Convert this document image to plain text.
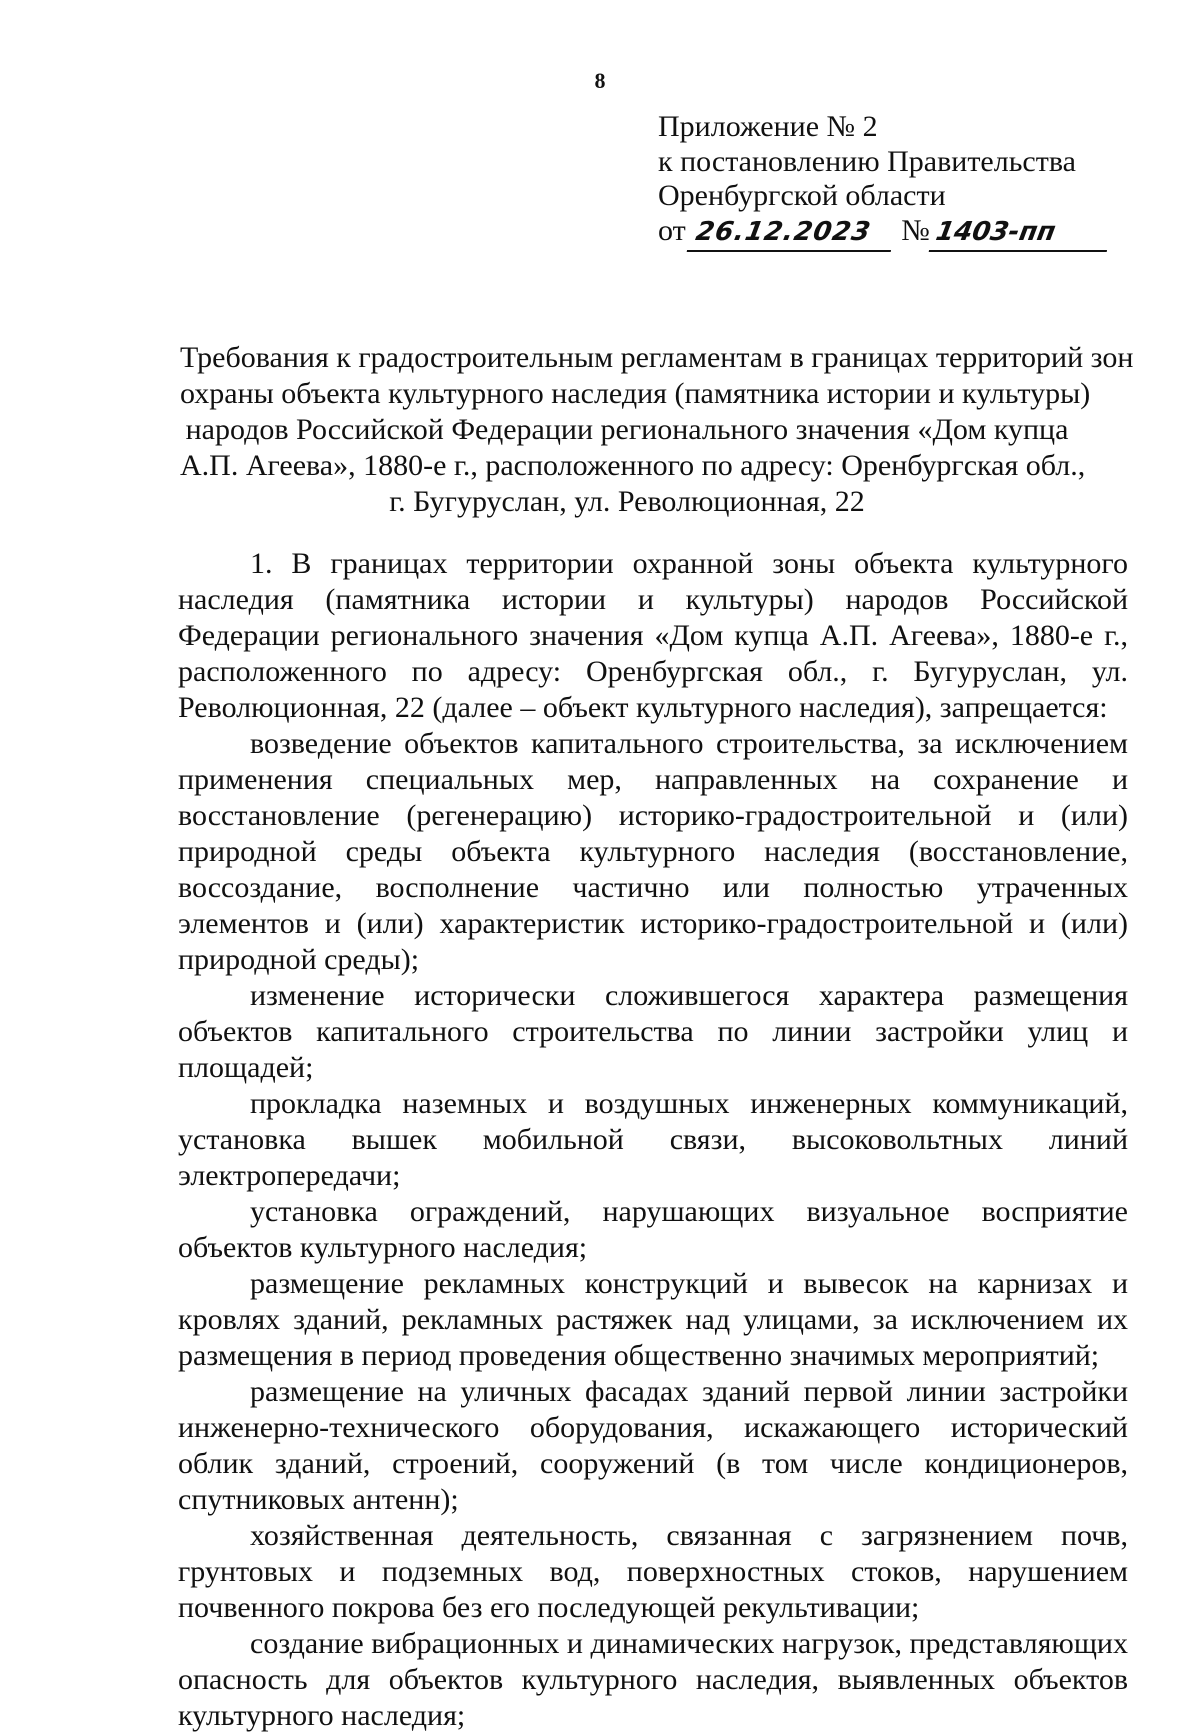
8

Приложение № 2
к постановлению Правительства
Оренбургской области
от 26.12.2023 № 1403-пп
Требования к градостроительным регламентам в границах территорий зон
охраны объекта культурного наследия (памятника истории и культуры)
народов Российской Федерации регионального значения «Дом купца
А.П. Агеева», 1880-е г., расположенного по адресу: Оренбургская обл.,
г. Бугуруслан, ул. Революционная, 22

1. В границах территории охранной зоны объекта культурного наследия (памятника истории и культуры) народов Российской Федерации регионального значения «Дом купца А.П. Агеева», 1880-е г., расположенного по адресу: Оренбургская обл., г. Бугуруслан, ул. Революционная, 22 (далее – объект культурного наследия), запрещается:

возведение объектов капитального строительства, за исключением применения специальных мер, направленных на сохранение и восстановление (регенерацию) историко-градостроительной и (или) природной среды объекта культурного наследия (восстановление, воссоздание, восполнение частично или полностью утраченных элементов и (или) характеристик историко-градостроительной и (или) природной среды);

изменение исторически сложившегося характера размещения объектов капитального строительства по линии застройки улиц и площадей;

прокладка наземных и воздушных инженерных коммуникаций, установка вышек мобильной связи, высоковольтных линий электропередачи;

установка ограждений, нарушающих визуальное восприятие объектов культурного наследия;

размещение рекламных конструкций и вывесок на карнизах и кровлях зданий, рекламных растяжек над улицами, за исключением их размещения в период проведения общественно значимых мероприятий;

размещение на уличных фасадах зданий первой линии застройки инженерно-технического оборудования, искажающего исторический облик зданий, строений, сооружений (в том числе кондиционеров, спутниковых антенн);

хозяйственная деятельность, связанная с загрязнением почв, грунтовых и подземных вод, поверхностных стоков, нарушением почвенного покрова без его последующей рекультивации;

создание вибрационных и динамических нагрузок, представляющих опасность для объектов культурного наследия, выявленных объектов культурного наследия;
